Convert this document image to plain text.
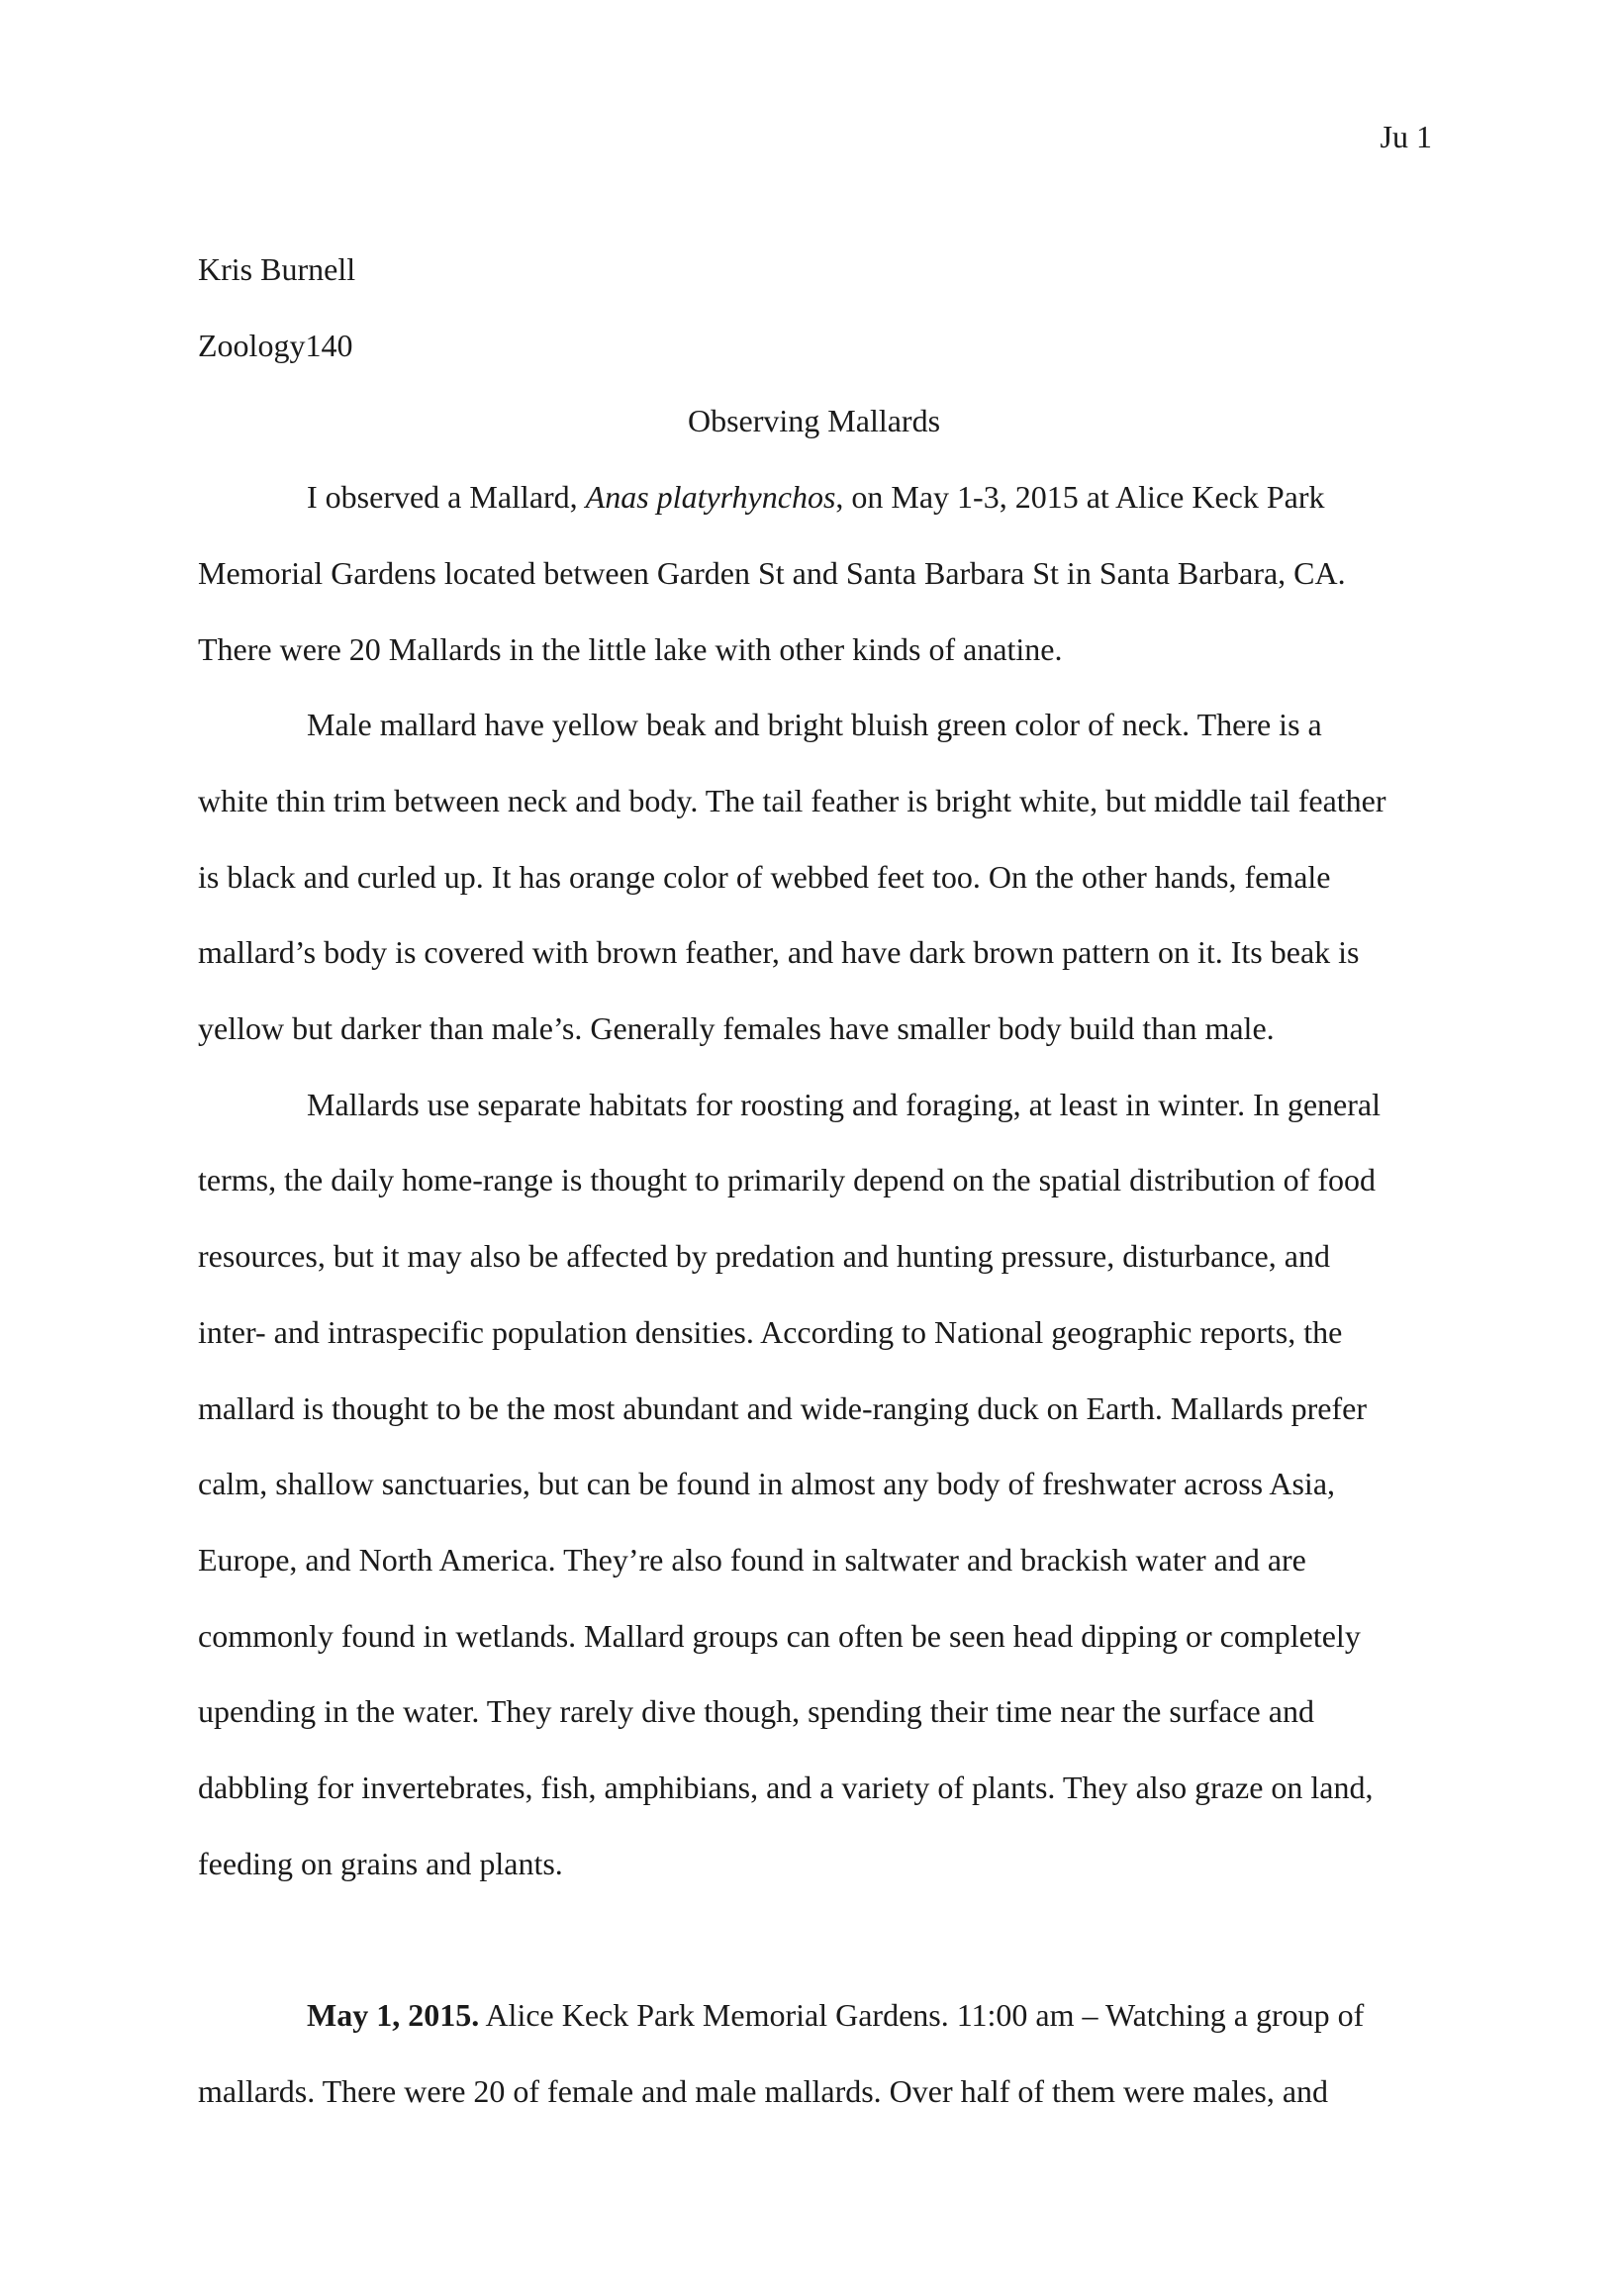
Ju 1

Kris Burnell

Zoology140

Observing Mallards

I observed a Mallard, Anas platyrhynchos, on May 1-3, 2015 at Alice Keck Park

Memorial Gardens located between Garden St and Santa Barbara St in Santa Barbara, CA.

There were 20 Mallards in the little lake with other kinds of anatine.

Male mallard have yellow beak and bright bluish green color of neck. There is a

white thin trim between neck and body. The tail feather is bright white, but middle tail feather

is black and curled up. It has orange color of webbed feet too. On the other hands, female

mallard’s body is covered with brown feather, and have dark brown pattern on it. Its beak is

yellow but darker than male’s. Generally females have smaller body build than male.

Mallards use separate habitats for roosting and foraging, at least in winter. In general

terms, the daily home-range is thought to primarily depend on the spatial distribution of food

resources, but it may also be affected by predation and hunting pressure, disturbance, and

inter- and intraspecific population densities. According to National geographic reports, the

mallard is thought to be the most abundant and wide-ranging duck on Earth. Mallards prefer

calm, shallow sanctuaries, but can be found in almost any body of freshwater across Asia,

Europe, and North America. They’re also found in saltwater and brackish water and are

commonly found in wetlands. Mallard groups can often be seen head dipping or completely

upending in the water. They rarely dive though, spending their time near the surface and

dabbling for invertebrates, fish, amphibians, and a variety of plants. They also graze on land,

feeding on grains and plants.

May 1, 2015. Alice Keck Park Memorial Gardens. 11:00 am – Watching a group of

mallards. There were 20 of female and male mallards. Over half of them were males, and
